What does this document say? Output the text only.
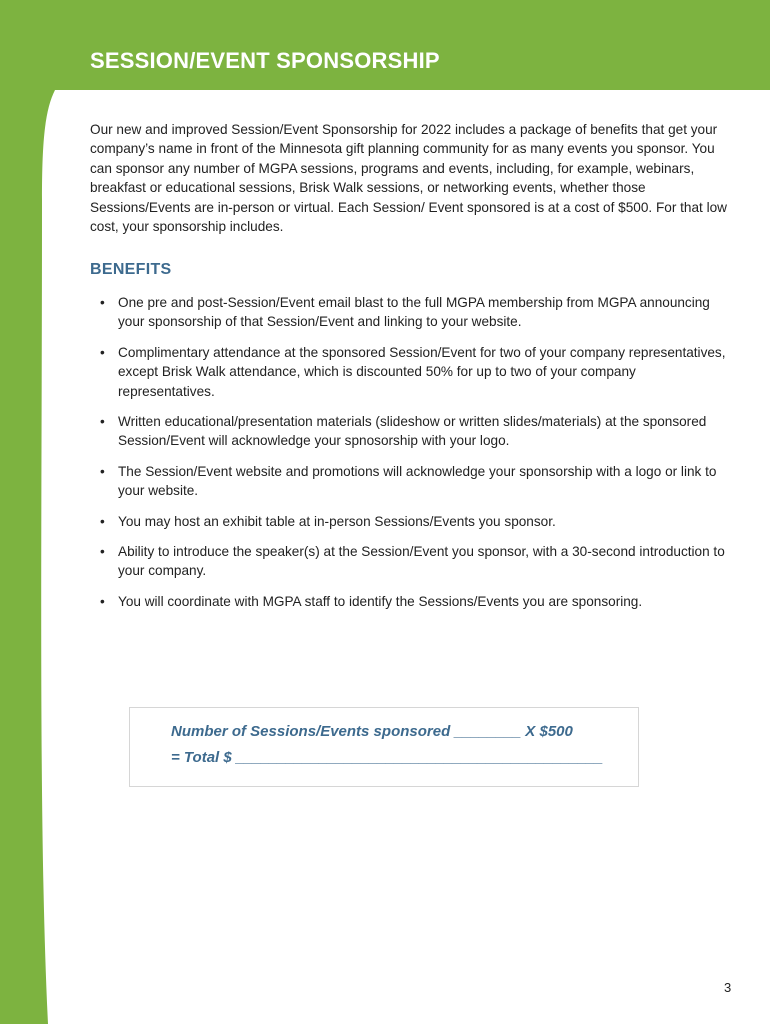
SESSION/EVENT SPONSORSHIP

Our new and improved Session/Event Sponsorship for 2022 includes a package of benefits that get your company’s name in front of the Minnesota gift planning community for as many events you sponsor. You can sponsor any number of MGPA sessions, programs and events, including, for example, webinars, breakfast or educational sessions, Brisk Walk sessions, or networking events, whether those Sessions/Events are in-person or virtual. Each Session/ Event sponsored is at a cost of $500. For that low cost, your sponsorship includes.

BENEFITS
• One pre and post-Session/Event email blast to the full MGPA membership from MGPA announcing your sponsorship of that Session/Event and linking to your website.
• Complimentary attendance at the sponsored Session/Event for two of your company representatives, except Brisk Walk attendance, which is discounted 50% for up to two of your company representatives.
• Written educational/presentation materials (slideshow or written slides/materials) at the sponsored Session/Event will acknowledge your spnosorship with your logo.
• The Session/Event website and promotions will acknowledge your sponsorship with a logo or link to your website.
• You may host an exhibit table at in-person Sessions/Events you sponsor.
• Ability to introduce the speaker(s) at the Session/Event you sponsor, with a 30-second introduction to your company.
• You will coordinate with MGPA staff to identify the Sessions/Events you are sponsoring.
Number of Sessions/Events sponsored ________ X $500
= Total $ ____________________________________________
3
